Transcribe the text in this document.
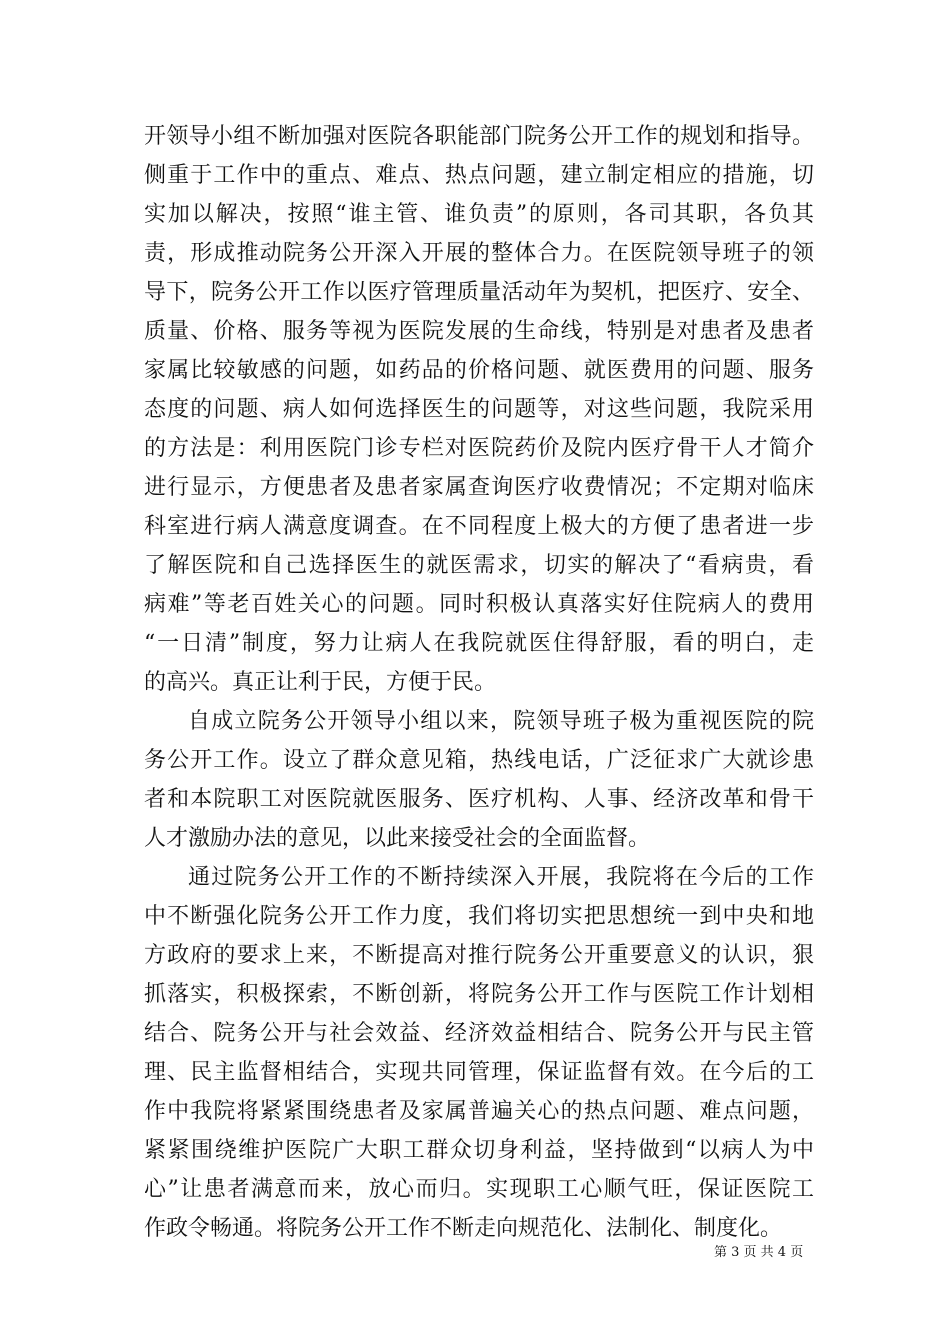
开领导小组不断加强对医院各职能部门院务公开工作的规划和指导。
侧重于工作中的重点、难点、热点问题，建立制定相应的措施，切
实加以解决，按照“谁主管、谁负责”的原则，各司其职，各负其
责，形成推动院务公开深入开展的整体合力。在医院领导班子的领
导下，院务公开工作以医疗管理质量活动年为契机，把医疗、安全、
质量、价格、服务等视为医院发展的生命线，特别是对患者及患者
家属比较敏感的问题，如药品的价格问题、就医费用的问题、服务
态度的问题、病人如何选择医生的问题等，对这些问题，我院采用
的方法是：利用医院门诊专栏对医院药价及院内医疗骨干人才简介
进行显示，方便患者及患者家属查询医疗收费情况；不定期对临床
科室进行病人满意度调查。在不同程度上极大的方便了患者进一步
了解医院和自己选择医生的就医需求，切实的解决了“看病贵，看
病难”等老百姓关心的问题。同时积极认真落实好住院病人的费用
“一日清”制度，努力让病人在我院就医住得舒服，看的明白，走
的高兴。真正让利于民，方便于民。
自成立院务公开领导小组以来，院领导班子极为重视医院的院
务公开工作。设立了群众意见箱，热线电话，广泛征求广大就诊患
者和本院职工对医院就医服务、医疗机构、人事、经济改革和骨干
人才激励办法的意见，以此来接受社会的全面监督。
通过院务公开工作的不断持续深入开展，我院将在今后的工作
中不断强化院务公开工作力度，我们将切实把思想统一到中央和地
方政府的要求上来，不断提高对推行院务公开重要意义的认识，狠
抓落实，积极探索，不断创新，将院务公开工作与医院工作计划相
结合、院务公开与社会效益、经济效益相结合、院务公开与民主管
理、民主监督相结合，实现共同管理，保证监督有效。在今后的工
作中我院将紧紧围绕患者及家属普遍关心的热点问题、难点问题，
紧紧围绕维护医院广大职工群众切身利益，坚持做到“以病人为中
心”让患者满意而来，放心而归。实现职工心顺气旺，保证医院工
作政令畅通。将院务公开工作不断走向规范化、法制化、制度化。
第 3 页 共 4 页
